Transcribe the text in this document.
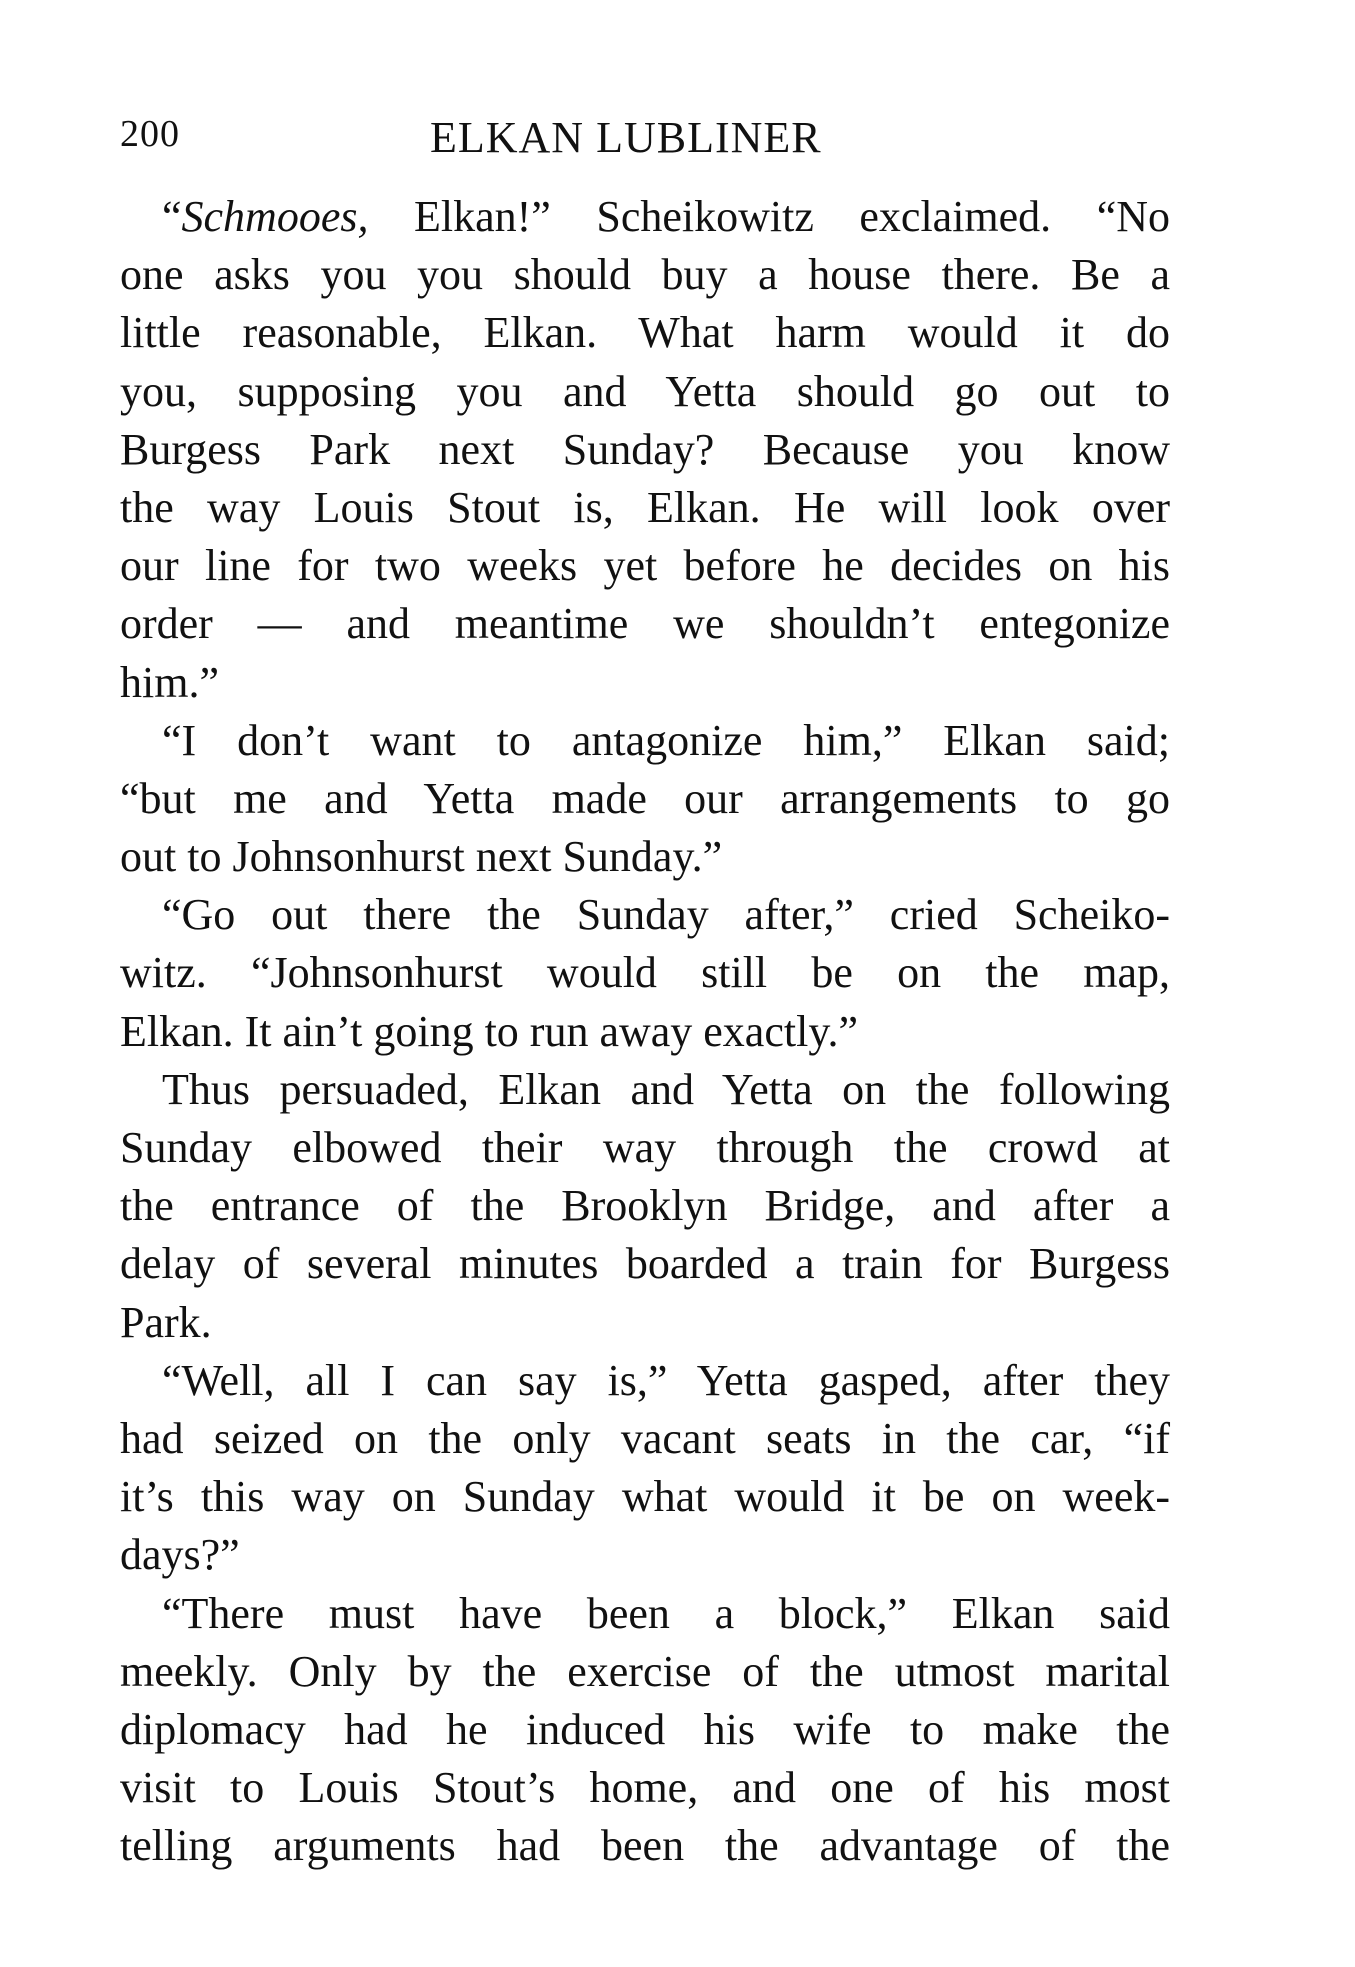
200	ELKAN LUBLINER
“Schmooes, Elkan!” Scheikowitz exclaimed. “No
one asks you you should buy a house there. Be a
little reasonable, Elkan. What harm would it do
you, supposing you and Yetta should go out to
Burgess Park next Sunday? Because you know
the way Louis Stout is, Elkan. He will look over
our line for two weeks yet before he decides on his
order — and meantime we shouldn’t entegonize
him.”
“I don’t want to antagonize him,” Elkan said;
“but me and Yetta made our arrangements to go
out to Johnsonhurst next Sunday.”
“Go out there the Sunday after,” cried Scheiko-
witz. “Johnsonhurst would still be on the map,
Elkan. It ain’t going to run away exactly.”
Thus persuaded, Elkan and Yetta on the following
Sunday elbowed their way through the crowd at
the entrance of the Brooklyn Bridge, and after a
delay of several minutes boarded a train for Burgess
Park.
“Well, all I can say is,” Yetta gasped, after they
had seized on the only vacant seats in the car, “if
it’s this way on Sunday what would it be on week-
days?”
“There must have been a block,” Elkan said
meekly. Only by the exercise of the utmost marital
diplomacy had he induced his wife to make the
visit to Louis Stout’s home, and one of his most
telling arguments had been the advantage of the
